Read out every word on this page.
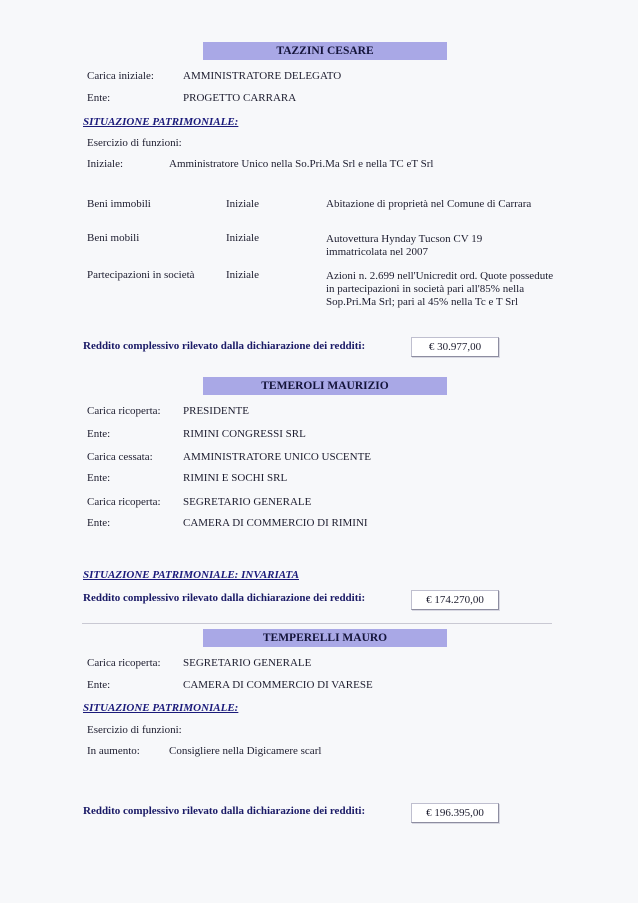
TAZZINI CESARE
Carica iniziale:	AMMINISTRATORE DELEGATO
Ente:	PROGETTO CARRARA
SITUAZIONE PATRIMONIALE:
Esercizio di funzioni:
Iniziale:	Amministratore Unico nella So.Pri.Ma Srl e nella TC eT Srl
Beni immobili	Iniziale	Abitazione di proprietà nel Comune di Carrara
Beni mobili	Iniziale	Autovettura Hynday Tucson CV 19 immatricolata nel 2007
Partecipazioni in società	Iniziale	Azioni n. 2.699 nell'Unicredit ord. Quote possedute in partecipazioni in società pari all'85% nella Sop.Pri.Ma Srl; pari al 45% nella Tc e T Srl
Reddito complessivo rilevato dalla dichiarazione dei redditi:	€ 30.977,00
TEMEROLI MAURIZIO
Carica ricoperta: PRESIDENTE
Ente:	RIMINI CONGRESSI SRL
Carica cessata:	AMMINISTRATORE UNICO USCENTE
Ente:	RIMINI E SOCHI SRL
Carica ricoperta: SEGRETARIO GENERALE
Ente:	CAMERA DI COMMERCIO DI RIMINI
SITUAZIONE PATRIMONIALE: INVARIATA
Reddito complessivo rilevato dalla dichiarazione dei redditi:	€ 174.270,00
TEMPERELLI MAURO
Carica ricoperta: SEGRETARIO GENERALE
Ente:	CAMERA DI COMMERCIO DI VARESE
SITUAZIONE PATRIMONIALE:
Esercizio di funzioni:
In aumento:	Consigliere nella Digicamere scarl
Reddito complessivo rilevato dalla dichiarazione dei redditi:	€ 196.395,00
